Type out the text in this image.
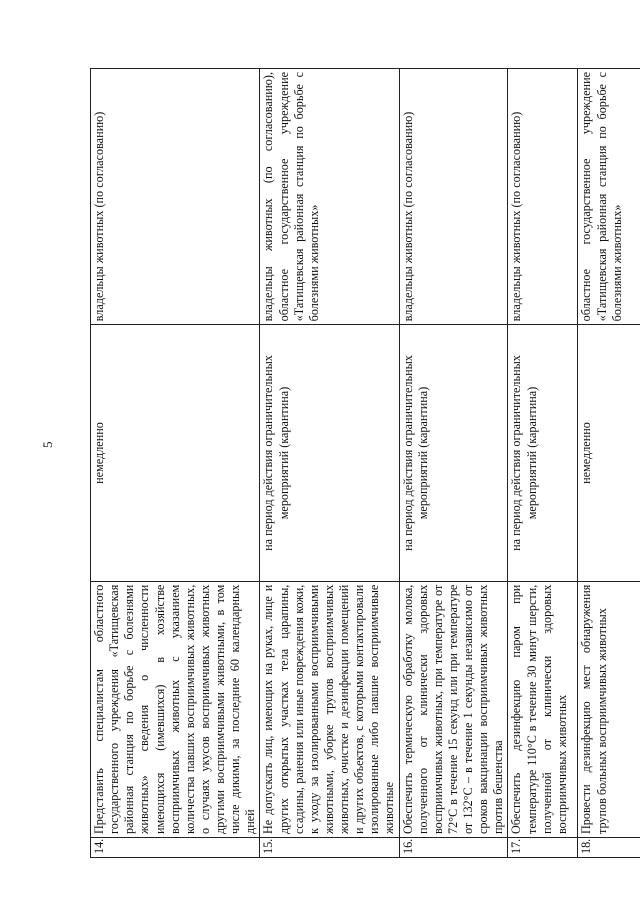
5
14.	Представить специалистам областного государственного учреждения «Татищевская районная станция по борьбе с болезнями животных» сведения о численности имеющихся (имевшихся) в хозяйстве восприимчивых животных с указанием количества павших восприимчивых животных, о случаях укусов восприимчивых животных другими восприимчивыми животными, в том числе дикими, за последние 60 календарных дней	немедленно	владельцы животных (по согласованию)
15.	Не допускать лиц, имеющих на руках, лице и других открытых участках тела царапины, ссадины, ранения или иные повреждения кожи, к уходу за изолированными восприимчивыми животными, уборке трупов восприимчивых животных, очистке и дезинфекции помещений и других объектов, с которыми контактировали изолированные либо павшие восприимчивые животные	на период действия ограничительных мероприятий (карантина)	владельцы животных (по согласованию), областное государственное учреждение «Татищевская районная станция по борьбе с болезнями животных»
16.	Обеспечить термическую обработку молока, полученного от клинически здоровых восприимчивых животных, при температуре от 72°C в течение 15 секунд или при температуре от 132°C – в течение 1 секунды независимо от сроков вакцинации восприимчивых животных против бешенства	на период действия ограничительных мероприятий (карантина)	владельцы животных (по согласованию)
17.	Обеспечить дезинфекцию паром при температуре 110°C в течение 30 минут шерсти, полученной от клинически здоровых восприимчивых животных	на период действия ограничительных мероприятий (карантина)	владельцы животных (по согласованию)
18.	Провести дезинфекцию мест обнаружения трупов больных восприимчивых животных	немедленно	областное государственное учреждение «Татищевская районная станция по борьбе с болезнями животных»
